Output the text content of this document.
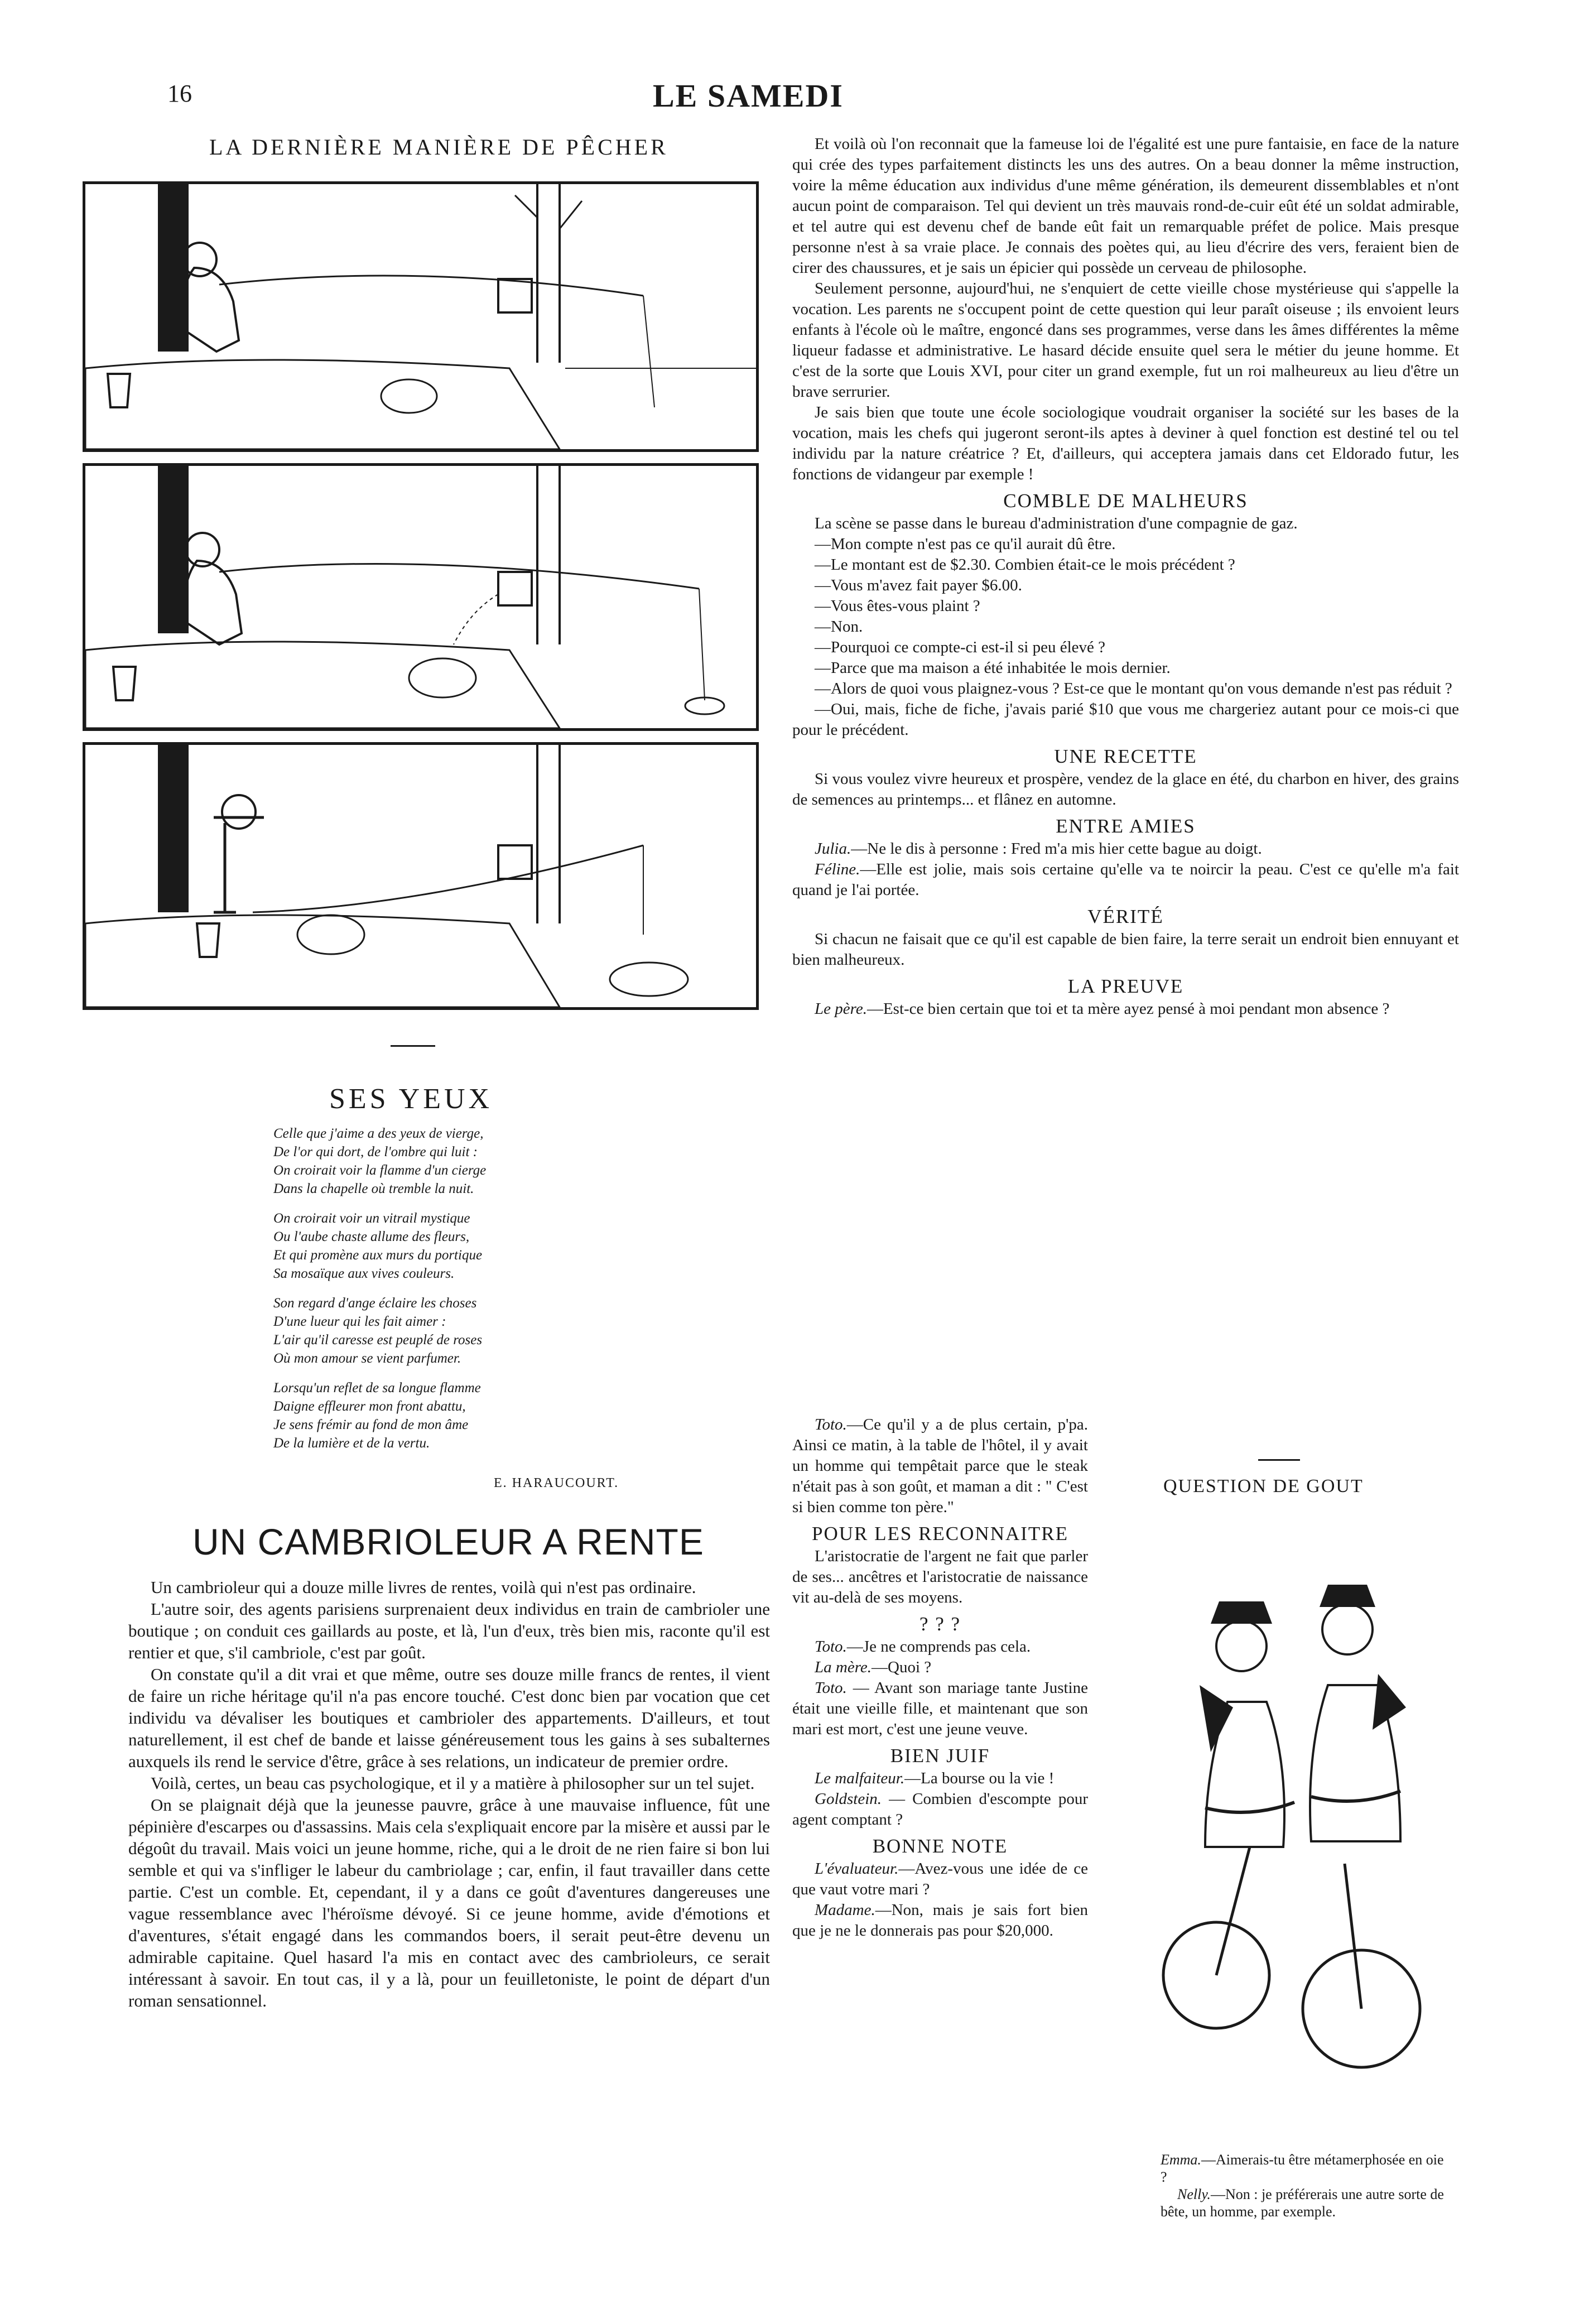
16	LE SAMEDI
LA DERNIÈRE MANIÈRE DE PÊCHER
SES YEUX
Celle que j'aime a des yeux de vierge,
De l'or qui dort, de l'ombre qui luit :
On croirait voir la flamme d'un cierge
Dans la chapelle où tremble la nuit.
On croirait voir un vitrail mystique
Ou l'aube chaste allume des fleurs,
Et qui promène aux murs du portique
Sa mosaïque aux vives couleurs.
Son regard d'ange éclaire les choses
D'une lueur qui les fait aimer :
L'air qu'il caresse est peuplé de roses
Où mon amour se vient parfumer.
Lorsqu'un reflet de sa longue flamme
Daigne effleurer mon front abattu,
Je sens frémir au fond de mon âme
De la lumière et de la vertu.
E. HARAUCOURT.
UN CAMBRIOLEUR A RENTE

Un cambrioleur qui a douze mille livres de rentes, voilà qui n'est pas ordinaire.

L'autre soir, des agents parisiens surprenaient deux individus en train de cambrioler une boutique ; on conduit ces gaillards au poste, et là, l'un d'eux, très bien mis, raconte qu'il est rentier et que, s'il cambriole, c'est par goût.

On constate qu'il a dit vrai et que même, outre ses douze mille francs de rentes, il vient de faire un riche héritage qu'il n'a pas encore touché. C'est donc bien par vocation que cet individu va dévaliser les boutiques et cambrioler des appartements. D'ailleurs, et tout naturellement, il est chef de bande et laisse généreusement tous les gains à ses subalternes auxquels ils rend le service d'être, grâce à ses relations, un indicateur de premier ordre.

Voilà, certes, un beau cas psychologique, et il y a matière à philosopher sur un tel sujet.

On se plaignait déjà que la jeunesse pauvre, grâce à une mauvaise influence, fût une pépinière d'escarpes ou d'assassins. Mais cela s'expliquait encore par la misère et aussi par le dégoût du travail. Mais voici un jeune homme, riche, qui a le droit de ne rien faire si bon lui semble et qui va s'infliger le labeur du cambriolage ; car, enfin, il faut travailler dans cette partie. C'est un comble. Et, cependant, il y a dans ce goût d'aventures dangereuses une vague ressemblance avec l'héroïsme dévoyé. Si ce jeune homme, avide d'émotions et d'aventures, s'était engagé dans les commandos boers, il serait peut-être devenu un admirable capitaine. Quel hasard l'a mis en contact avec des cambrioleurs, ce serait intéressant à savoir. En tout cas, il y a là, pour un feuilletoniste, le point de départ d'un roman sensationnel.

Et voilà où l'on reconnait que la fameuse loi de l'égalité est une pure fantaisie, en face de la nature qui crée des types parfaitement distincts les uns des autres. On a beau donner la même instruction, voire la même éducation aux individus d'une même génération, ils demeurent dissemblables et n'ont aucun point de comparaison. Tel qui devient un très mauvais rond-de-cuir eût été un soldat admirable, et tel autre qui est devenu chef de bande eût fait un remarquable préfet de police. Mais presque personne n'est à sa vraie place. Je connais des poètes qui, au lieu d'écrire des vers, feraient bien de cirer des chaussures, et je sais un épicier qui possède un cerveau de philosophe.

Seulement personne, aujourd'hui, ne s'enquiert de cette vieille chose mystérieuse qui s'appelle la vocation. Les parents ne s'occupent point de cette question qui leur paraît oiseuse ; ils envoient leurs enfants à l'école où le maître, engoncé dans ses programmes, verse dans les âmes différentes la même liqueur fadasse et administrative. Le hasard décide ensuite quel sera le métier du jeune homme. Et c'est de la sorte que Louis XVI, pour citer un grand exemple, fut un roi malheureux au lieu d'être un brave serrurier.

Je sais bien que toute une école sociologique voudrait organiser la société sur les bases de la vocation, mais les chefs qui jugeront seront-ils aptes à deviner à quel fonction est destiné tel ou tel individu par la nature créatrice ? Et, d'ailleurs, qui acceptera jamais dans cet Eldorado futur, les fonctions de vidangeur par exemple !

COMBLE DE MALHEURS

La scène se passe dans le bureau d'administration d'une compagnie de gaz.

—Mon compte n'est pas ce qu'il aurait dû être.

—Le montant est de $2.30. Combien était-ce le mois précédent ?

—Vous m'avez fait payer $6.00.

—Vous êtes-vous plaint ?

—Non.

—Pourquoi ce compte-ci est-il si peu élevé ?

—Parce que ma maison a été inhabitée le mois dernier.

—Alors de quoi vous plaignez-vous ? Est-ce que le montant qu'on vous demande n'est pas réduit ?

—Oui, mais, fiche de fiche, j'avais parié $10 que vous me chargeriez autant pour ce mois-ci que pour le précédent.

UNE RECETTE

Si vous voulez vivre heureux et prospère, vendez de la glace en été, du charbon en hiver, des grains de semences au printemps... et flânez en automne.

ENTRE AMIES

Julia.—Ne le dis à personne : Fred m'a mis hier cette bague au doigt.

Féline.—Elle est jolie, mais sois certaine qu'elle va te noircir la peau. C'est ce qu'elle m'a fait quand je l'ai portée.

VÉRITÉ

Si chacun ne faisait que ce qu'il est capable de bien faire, la terre serait un endroit bien ennuyant et bien malheureux.

LA PREUVE

Le père.—Est-ce bien certain que toi et ta mère ayez pensé à moi pendant mon absence ?

Toto.—Ce qu'il y a de plus certain, p'pa. Ainsi ce matin, à la table de l'hôtel, il y avait un homme qui tempêtait parce que le steak n'était pas à son goût, et maman a dit : " C'est si bien comme ton père."

POUR LES RECONNAITRE

L'aristocratie de l'argent ne fait que parler de ses... ancêtres et l'aristocratie de naissance vit au-delà de ses moyens.

? ? ?

Toto.—Je ne comprends pas cela.

La mère.—Quoi ?

Toto. — Avant son mariage tante Justine était une vieille fille, et maintenant que son mari est mort, c'est une jeune veuve.

BIEN JUIF

Le malfaiteur.—La bourse ou la vie !

Goldstein. — Combien d'escompte pour agent comptant ?

BONNE NOTE

L'évaluateur.—Avez-vous une idée de ce que vaut votre mari ?

Madame.—Non, mais je sais fort bien que je ne le donnerais pas pour $20,000.

QUESTION DE GOUT
Emma.—Aimerais-tu être métamerphosée en oie ?
Nelly.—Non : je préférerais une autre sorte de bête, un homme, par exemple.
